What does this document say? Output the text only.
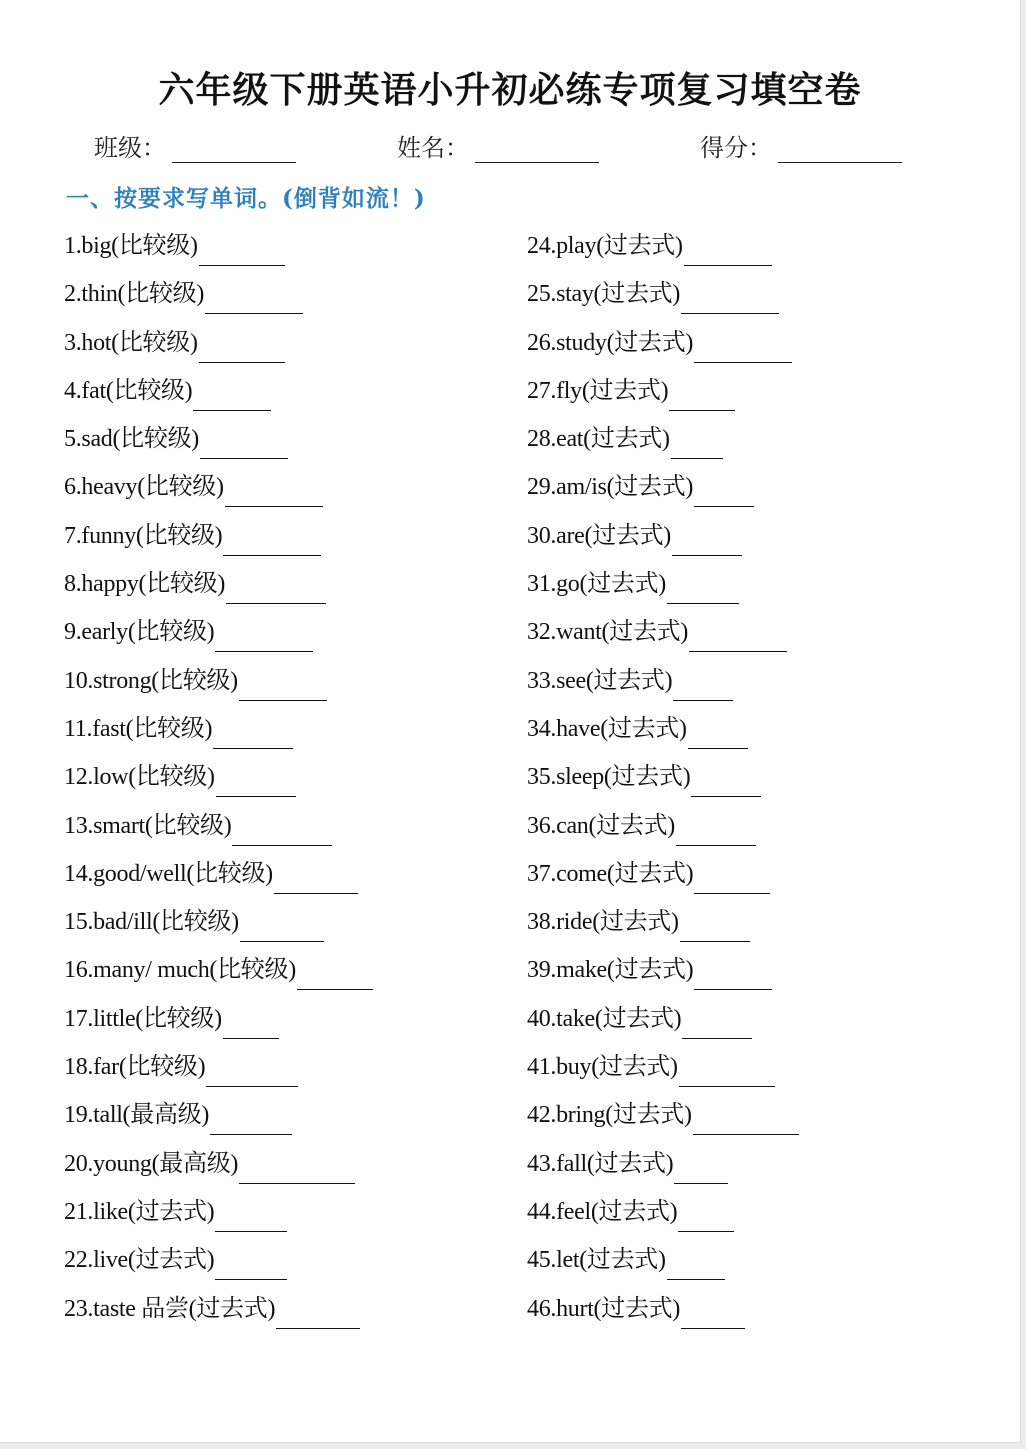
六年级下册英语小升初必练专项复习填空卷
班级：	姓名：	得分：
一、按要求写单词。(倒背如流！)
1.big(比较级)
2.thin(比较级)
3.hot(比较级)
4.fat(比较级)
5.sad(比较级)
6.heavy(比较级)
7.funny(比较级)
8.happy(比较级)
9.early(比较级)
10.strong(比较级)
11.fast(比较级)
12.low(比较级)
13.smart(比较级)
14.good/well(比较级)
15.bad/ill(比较级)
16.many/ much(比较级)
17.little(比较级)
18.far(比较级)
19.tall(最高级)
20.young(最高级)
21.like(过去式)
22.live(过去式)
23.taste 品尝(过去式)
24.play(过去式)
25.stay(过去式)
26.study(过去式)
27.fly(过去式)
28.eat(过去式)
29.am/is(过去式)
30.are(过去式)
31.go(过去式)
32.want(过去式)
33.see(过去式)
34.have(过去式)
35.sleep(过去式)
36.can(过去式)
37.come(过去式)
38.ride(过去式)
39.make(过去式)
40.take(过去式)
41.buy(过去式)
42.bring(过去式)
43.fall(过去式)
44.feel(过去式)
45.let(过去式)
46.hurt(过去式)
